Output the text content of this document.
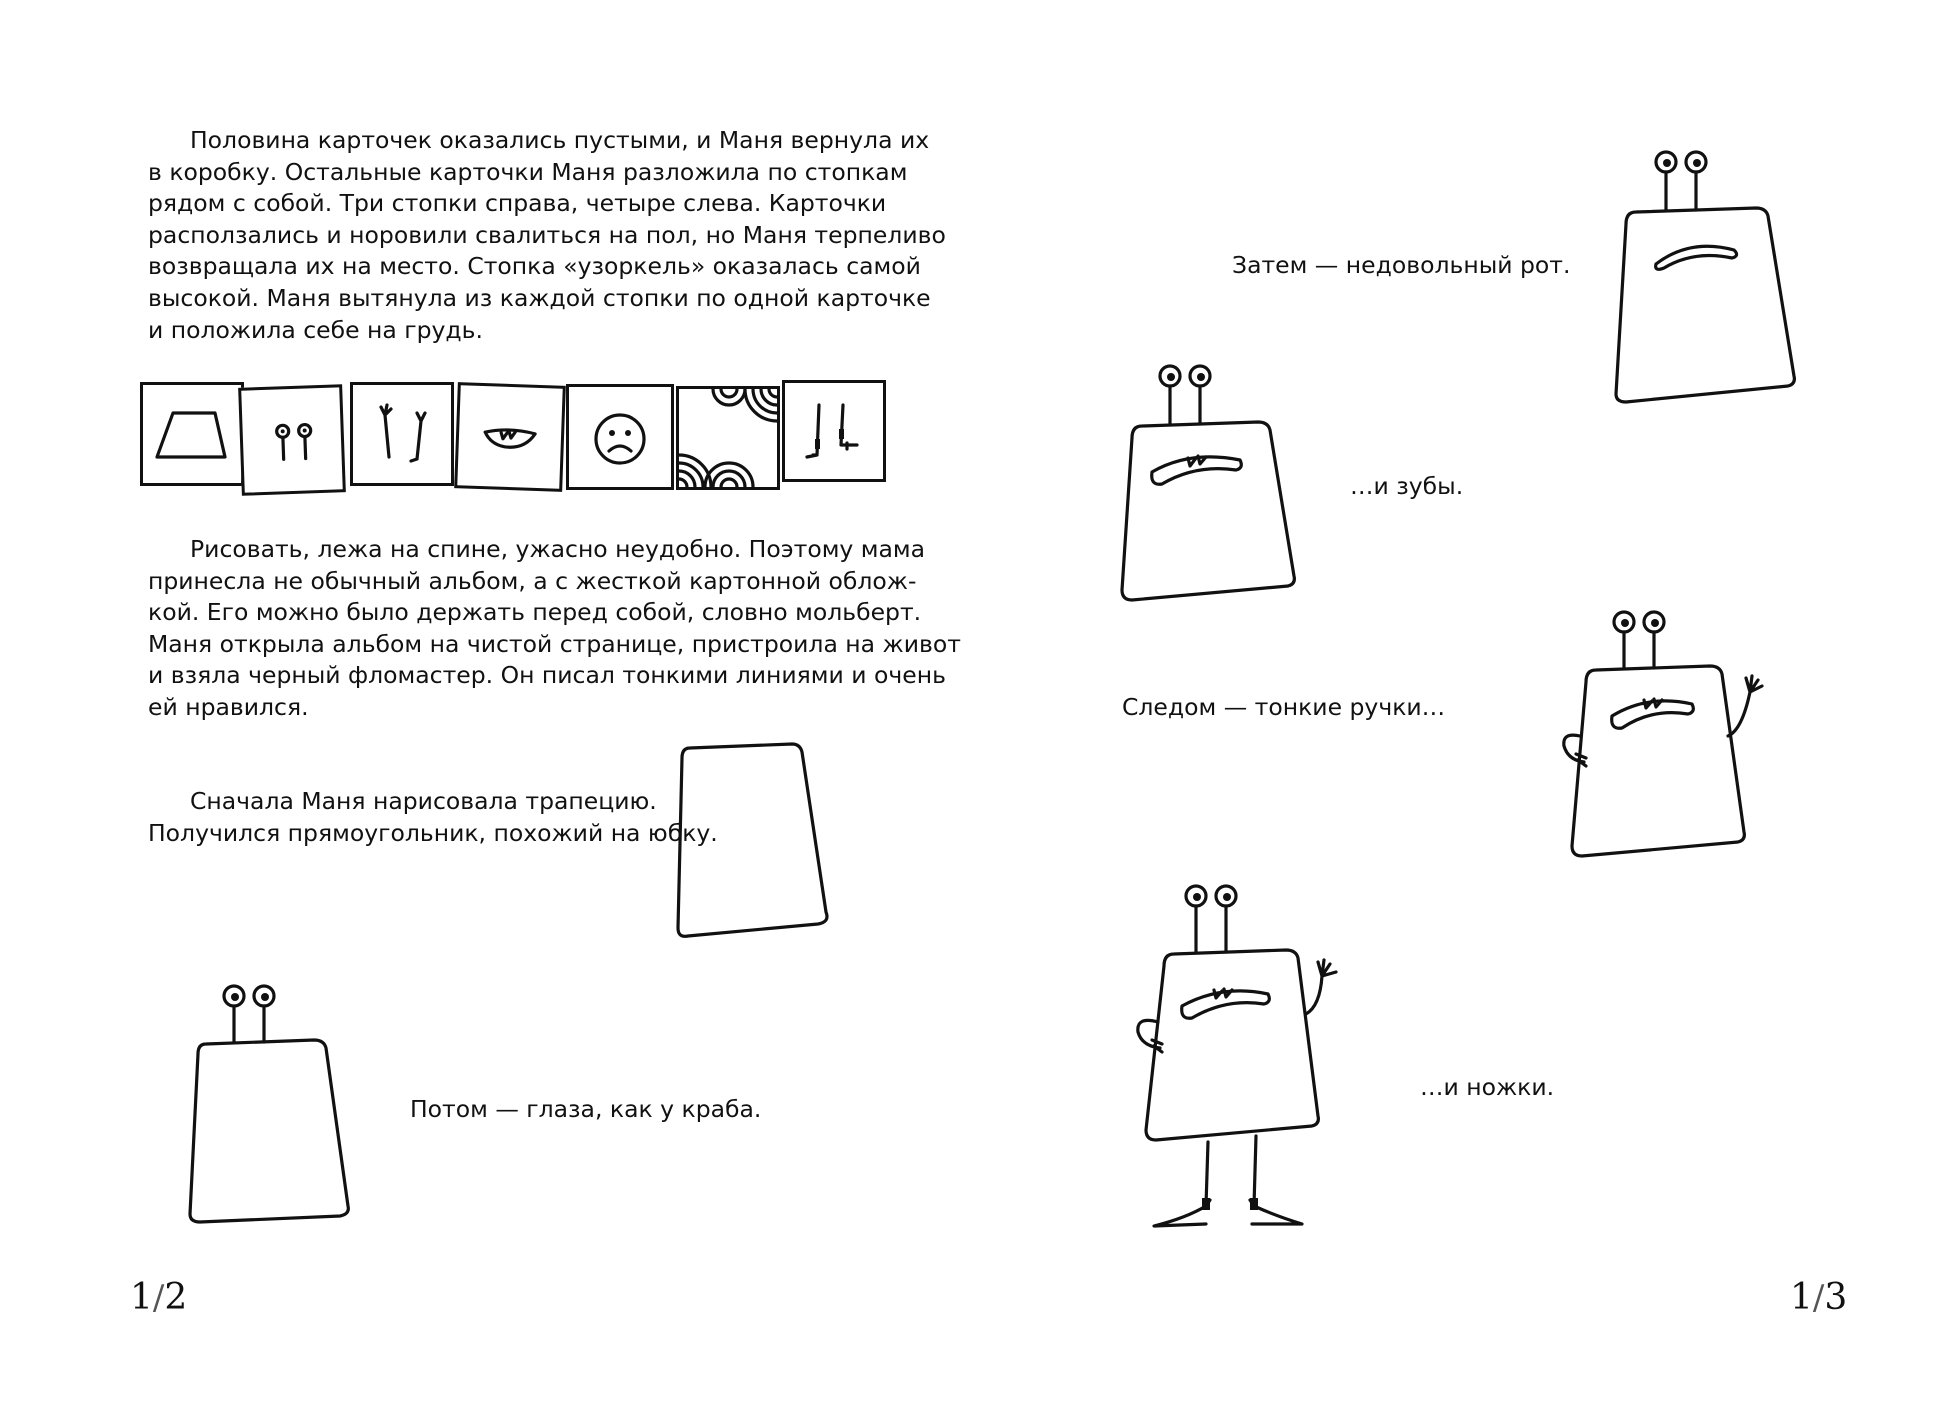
Половина карточек оказались пустыми, и Маня вернула их
в коробку. Остальные карточки Маня разложила по стопкам
рядом с собой. Три стопки справа, четыре слева. Карточки
расползались и норовили свалиться на пол, но Маня терпеливо
возвращала их на место. Стопка «узоркель» оказалась самой
высокой. Маня вытянула из каждой стопки по одной карточке
и положила себе на грудь.
Рисовать, лежа на спине, ужасно неудобно. Поэтому мама
принесла не обычный альбом, а с жесткой картонной облож-
кой. Его можно было держать перед собой, словно мольберт.
Маня открыла альбом на чистой странице, пристроила на живот
и взяла черный фломастер. Он писал тонкими линиями и очень
ей нравился.
Сначала Маня нарисовала трапецию.
Получился прямоугольник, похожий на юбку.

Потом — глаза, как у краба.

1/2

Затем — недовольный рот.

…и зубы.

Следом — тонкие ручки…

…и ножки.

1/3
